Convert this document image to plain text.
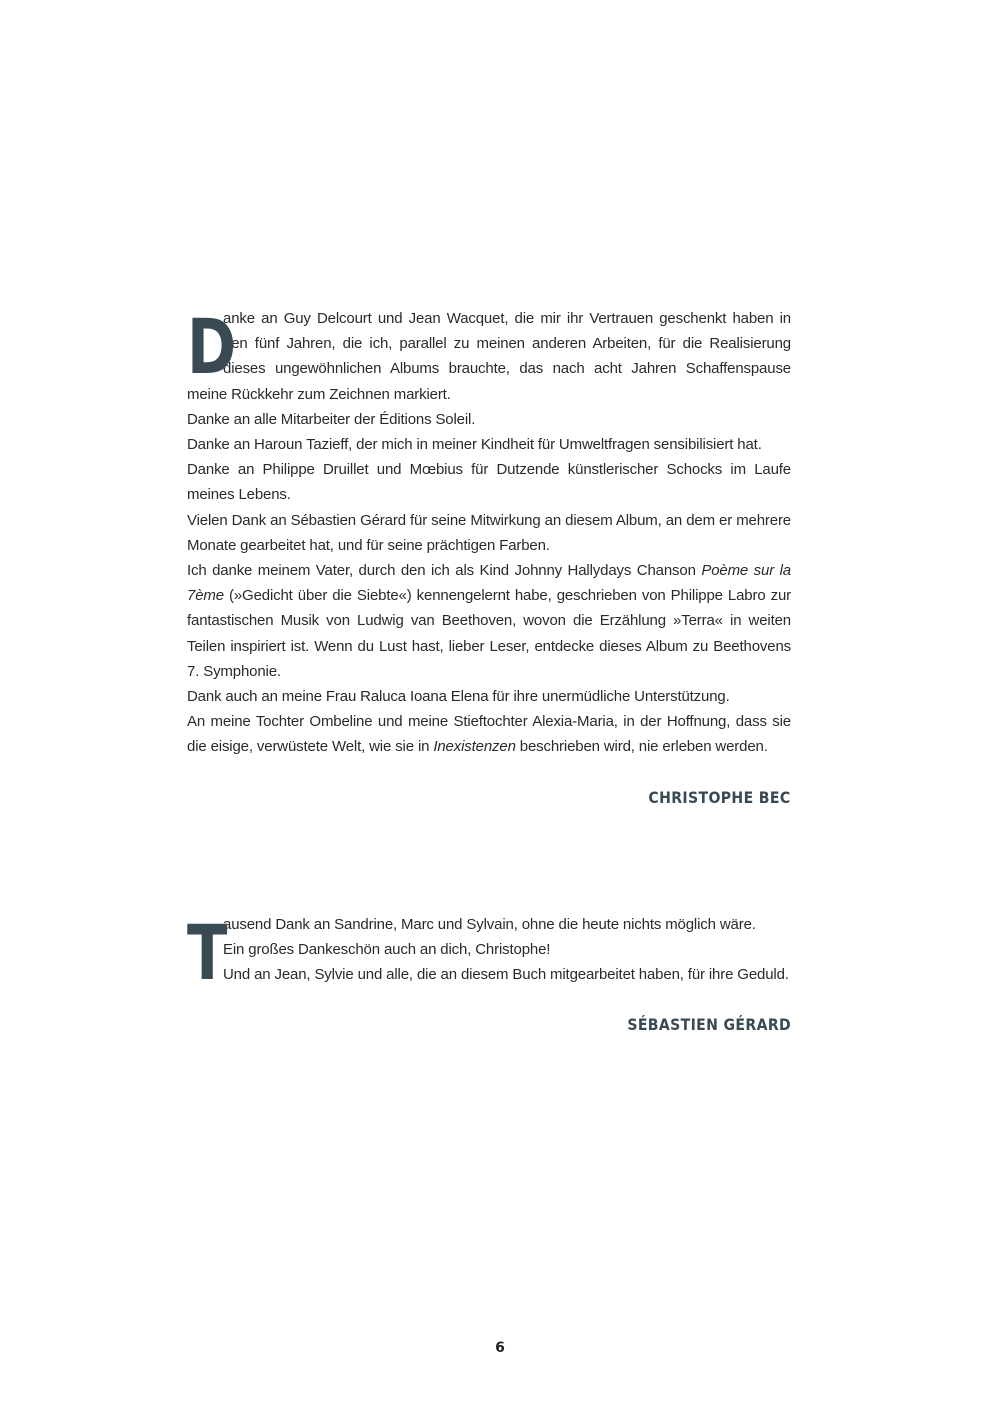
D

anke an Guy Delcourt und Jean Wacquet, die mir ihr Vertrauen geschenkt haben in den fünf Jahren, die ich, parallel zu meinen anderen Arbeiten, für die Realisierung dieses ungewöhnlichen Albums brauchte, das nach acht Jahren Schaffenspause meine Rückkehr zum Zeichnen markiert.

Danke an alle Mitarbeiter der Éditions Soleil.

Danke an Haroun Tazieff, der mich in meiner Kindheit für Umweltfragen sensibilisiert hat.

Danke an Philippe Druillet und Mœbius für Dutzende künstlerischer Schocks im Laufe meines Lebens.

Vielen Dank an Sébastien Gérard für seine Mitwirkung an diesem Album, an dem er mehrere Monate gearbeitet hat, und für seine prächtigen Farben.

Ich danke meinem Vater, durch den ich als Kind Johnny Hallydays Chanson Poème sur la 7ème (»Gedicht über die Siebte«) kennengelernt habe, geschrieben von Philippe Labro zur fantastischen Musik von Ludwig van Beethoven, wovon die Erzählung »Terra« in weiten Teilen inspiriert ist. Wenn du Lust hast, lieber Leser, entdecke dieses Album zu Beethovens 7. Symphonie.

Dank auch an meine Frau Raluca Ioana Elena für ihre unermüdliche Unterstützung.

An meine Tochter Ombeline und meine Stieftochter Alexia-Maria, in der Hoffnung, dass sie die eisige, verwüstete Welt, wie sie in Inexistenzen beschrieben wird, nie erleben werden.

CHRISTOPHE BEC
T

ausend Dank an Sandrine, Marc und Sylvain, ohne die heute nichts möglich wäre.

Ein großes Dankeschön auch an dich, Christophe!

Und an Jean, Sylvie und alle, die an diesem Buch mitgearbeitet haben, für ihre Geduld.

SÉBASTIEN GÉRARD
6
